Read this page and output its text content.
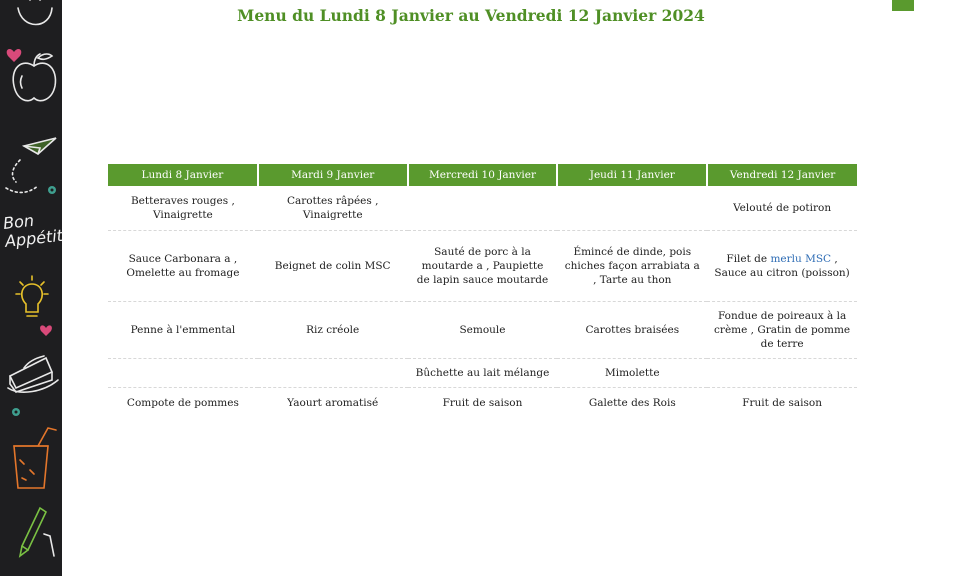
Bon Appétit
Menu du Lundi 8 Janvier au Vendredi 12 Janvier 2024
Lundi 8 Janvier	Mardi 9 Janvier	Mercredi 10 Janvier	Jeudi 11 Janvier	Vendredi 12 Janvier
Betteraves rouges , Vinaigrette	Carottes râpées , Vinaigrette			Velouté de potiron
Sauce Carbonara a , Omelette au fromage	Beignet de colin MSC	Sauté de porc à la moutarde a , Paupiette de lapin sauce moutarde	Émincé de dinde, pois chiches façon arrabiata a , Tarte au thon	Filet de merlu MSC , Sauce au citron (poisson)
Penne à l'emmental	Riz créole	Semoule	Carottes braisées	Fondue de poireaux à la crème , Gratin de pomme de terre
		Bûchette au lait mélange	Mimolette	
Compote de pommes	Yaourt aromatisé	Fruit de saison	Galette des Rois	Fruit de saison
